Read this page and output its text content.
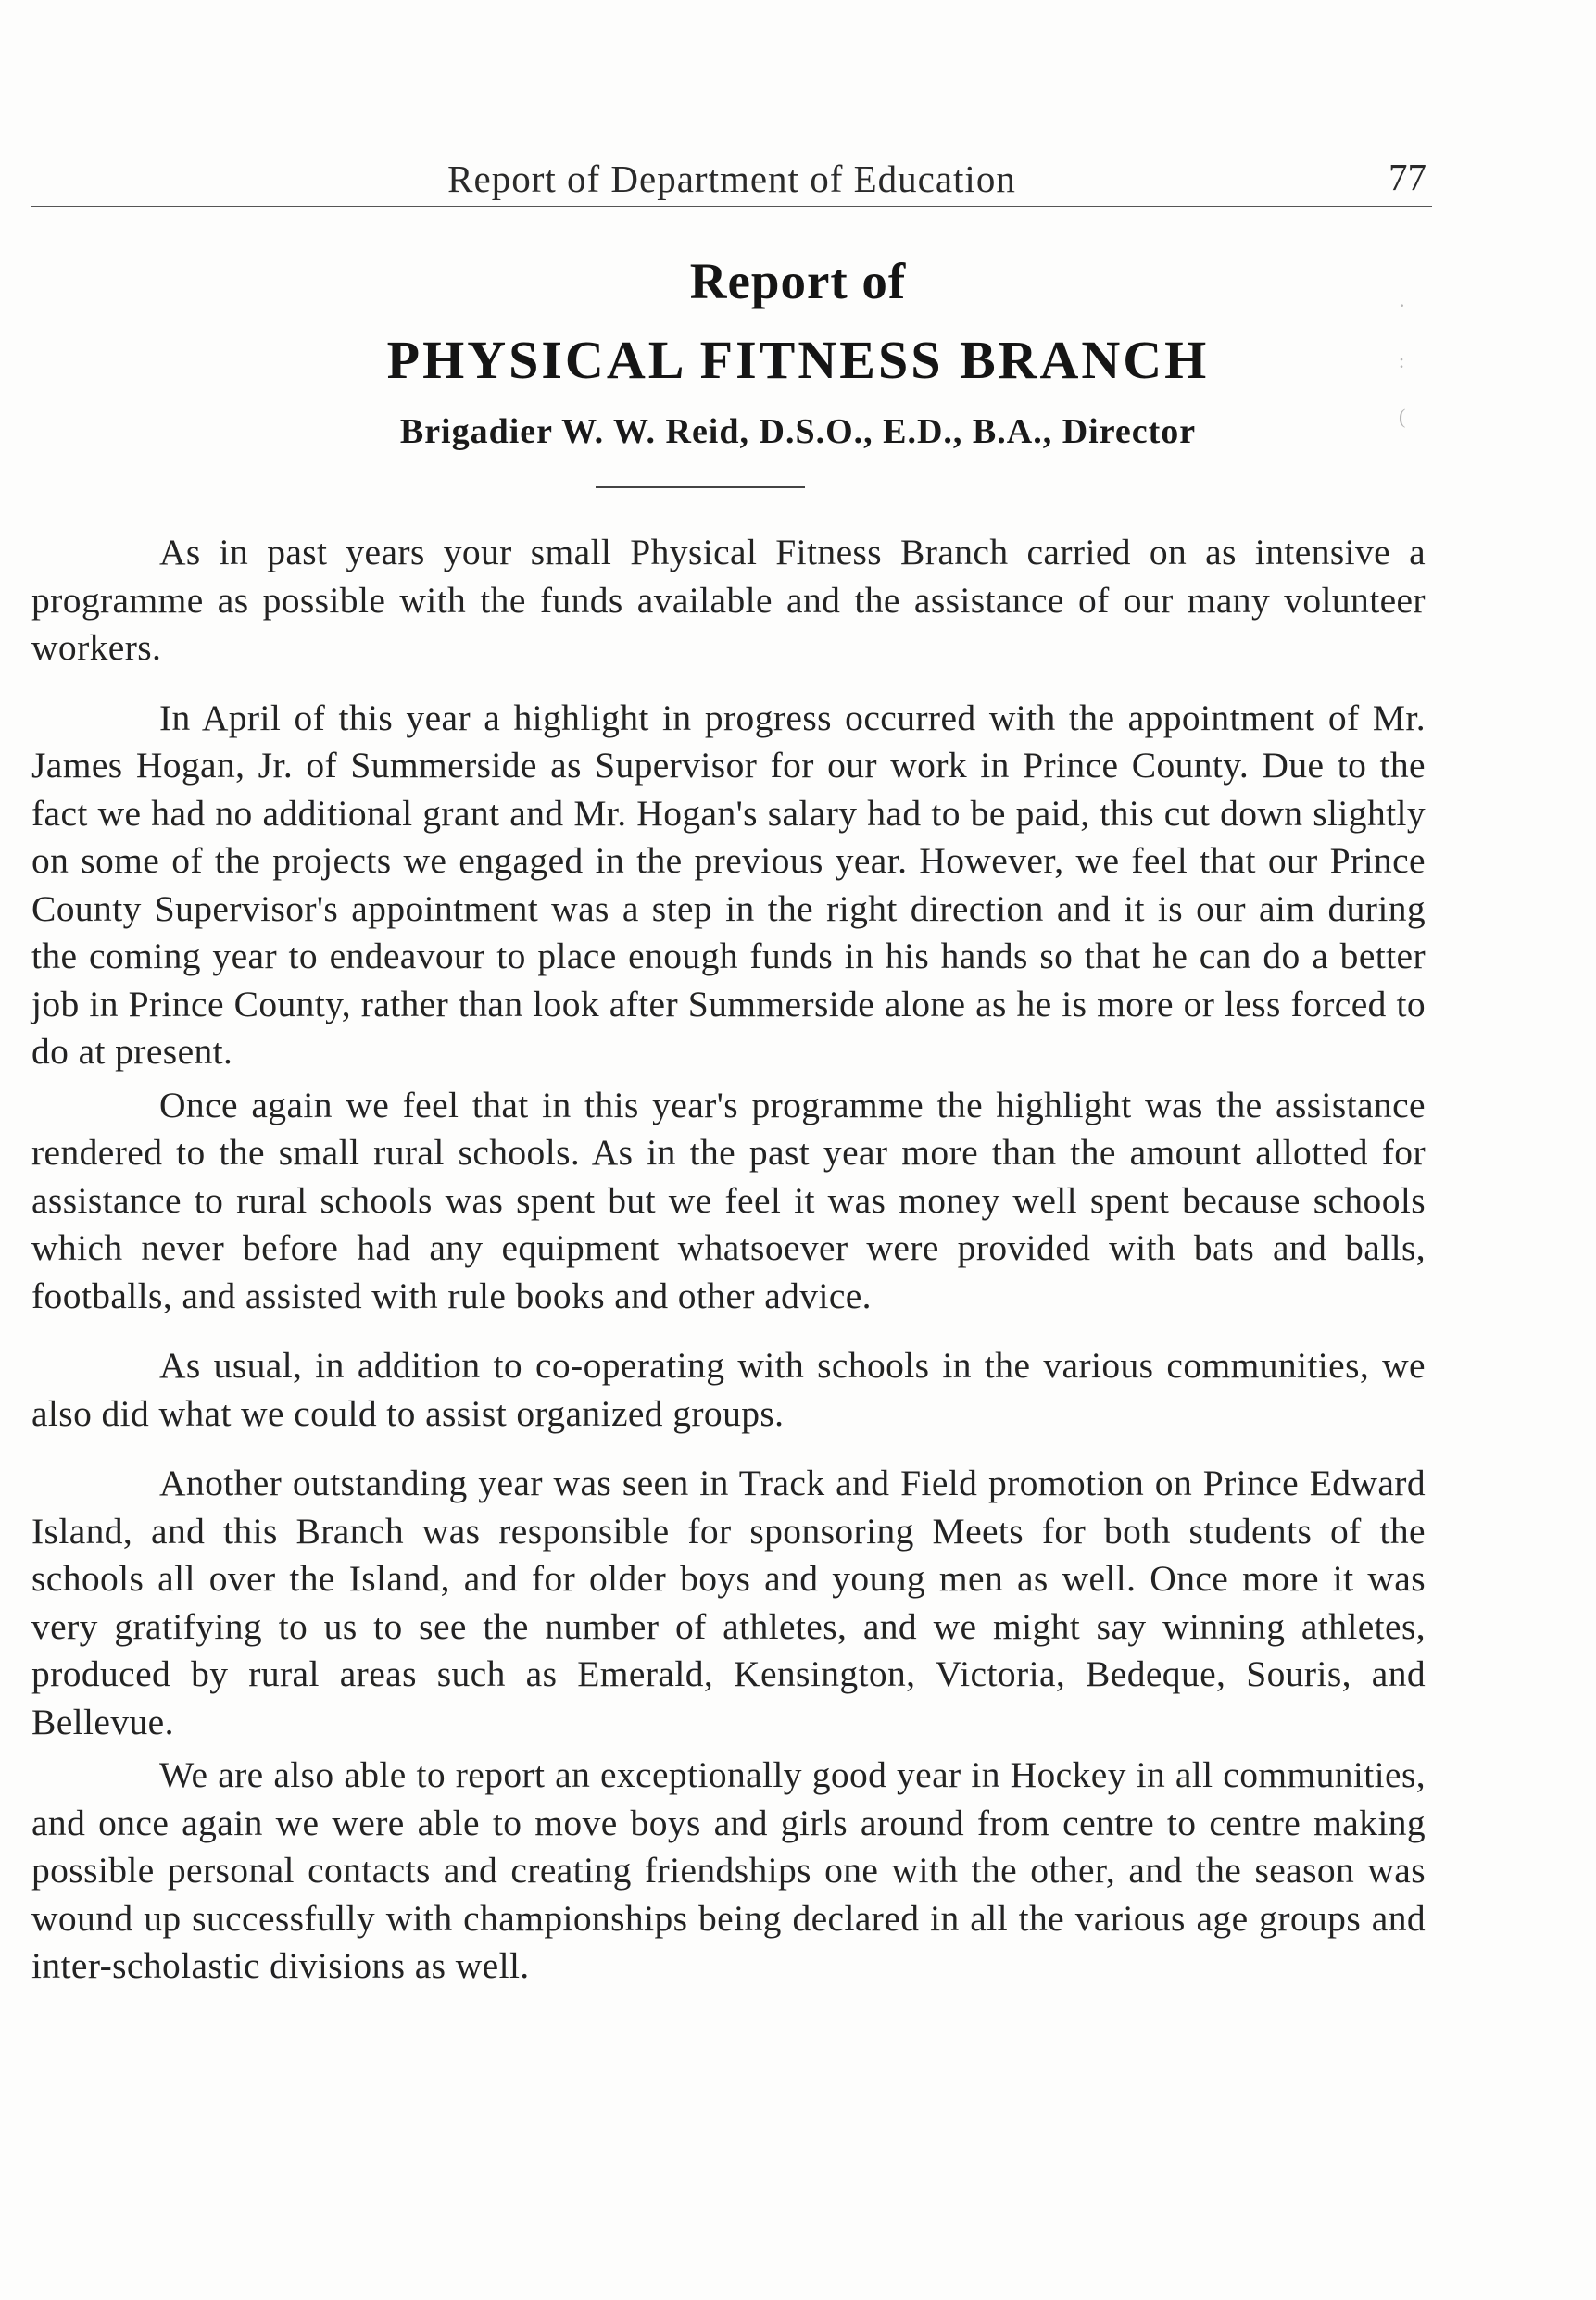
Report of Department of Education	77
Report of
PHYSICAL FITNESS BRANCH
Brigadier W. W. Reid, D.S.O., E.D., B.A., Director
·
:
(

As in past years your small Physical Fitness Branch carried on as intensive a programme as possible with the funds available and the assistance of our many volunteer workers.

In April of this year a highlight in progress occurred with the appointment of Mr. James Hogan, Jr. of Summerside as Supervisor for our work in Prince County. Due to the fact we had no additional grant and Mr. Hogan's salary had to be paid, this cut down slightly on some of the projects we engaged in the previous year. However, we feel that our Prince County Supervisor's appointment was a step in the right direction and it is our aim during the coming year to endeavour to place enough funds in his hands so that he can do a better job in Prince County, rather than look after Summerside alone as he is more or less forced to do at present.

Once again we feel that in this year's programme the highlight was the assistance rendered to the small rural schools. As in the past year more than the amount allotted for assistance to rural schools was spent but we feel it was money well spent because schools which never before had any equipment whatsoever were provided with bats and balls, footballs, and assisted with rule books and other advice.

As usual, in addition to co-operating with schools in the various communities, we also did what we could to assist organized groups.

Another outstanding year was seen in Track and Field promotion on Prince Edward Island, and this Branch was responsible for sponsoring Meets for both students of the schools all over the Island, and for older boys and young men as well. Once more it was very gratifying to us to see the number of athletes, and we might say winning athletes, produced by rural areas such as Emerald, Kensington, Victoria, Bedeque, Souris, and Bellevue.

We are also able to report an exceptionally good year in Hockey in all communities, and once again we were able to move boys and girls around from centre to centre making possible personal contacts and creating friendships one with the other, and the season was wound up successfully with championships being declared in all the various age groups and inter-scholastic divisions as well.
